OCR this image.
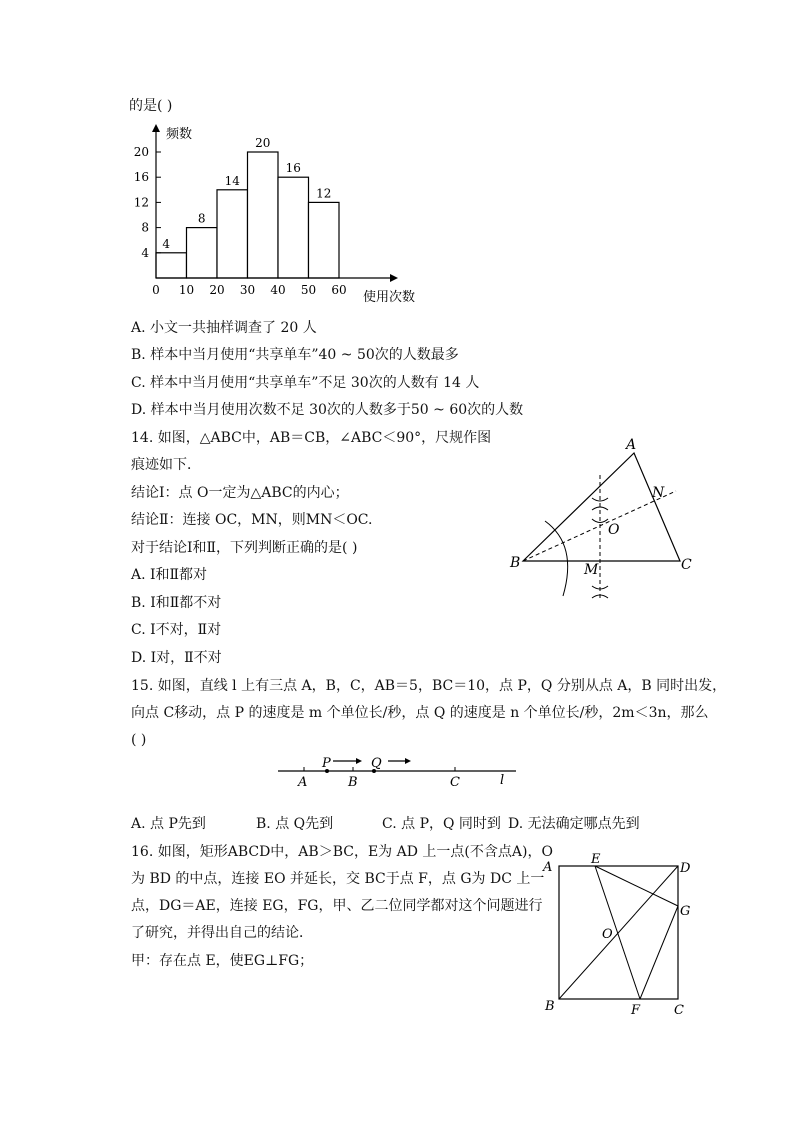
的是( )
4
8
14
20
16
12
4
8
12
16
20
0 10 20 30 40 50 60
频数
使用次数
A. 小文一共抽样调查了 20 人
B. 样本中当月使用“共享单车”40 ~ 50次的人数最多
C. 样本中当月使用“共享单车”不足 30次的人数有 14 人
D. 样本中当月使用次数不足 30次的人数多于50 ~ 60次的人数
14. 如图，△ABC中，AB＝CB，∠ABC＜90°，尺规作图
痕迹如下．
结论Ⅰ：点 O一定为△ABC的内心；
结论Ⅱ：连接 OC，MN，则MN＜OC.
对于结论Ⅰ和Ⅱ，下列判断正确的是( )
A. Ⅰ和Ⅱ都对
B. Ⅰ和Ⅱ都不对
C. Ⅰ不对，Ⅱ对
D. Ⅰ对，Ⅱ不对
A
B	C
N
O
M
15. 如图，直线 l 上有三点 A，B，C，AB＝5，BC＝10，点 P，Q 分别从点 A，B 同时出发，
向点 C移动，点 P 的速度是 m 个单位长/秒，点 Q 的速度是 n 个单位长/秒，2m＜3n，那么
( )
P	Q
A	B	C	l
A. 点 P先到	B. 点 Q先到	C. 点 P，Q 同时到 D. 无法确定哪点先到
16. 如图，矩形ABCD中，AB＞BC，E为 AD 上一点(不含点A)，O
为 BD 的中点，连接 EO 并延长，交 BC于点 F，点 G为 DC 上一
点，DG＝AE，连接 EG，FG，甲、乙二位同学都对这个问题进行
了研究，并得出自己的结论．
甲：存在点 E，使EG⊥FG；
A
E
D
G
O
B	F	C
